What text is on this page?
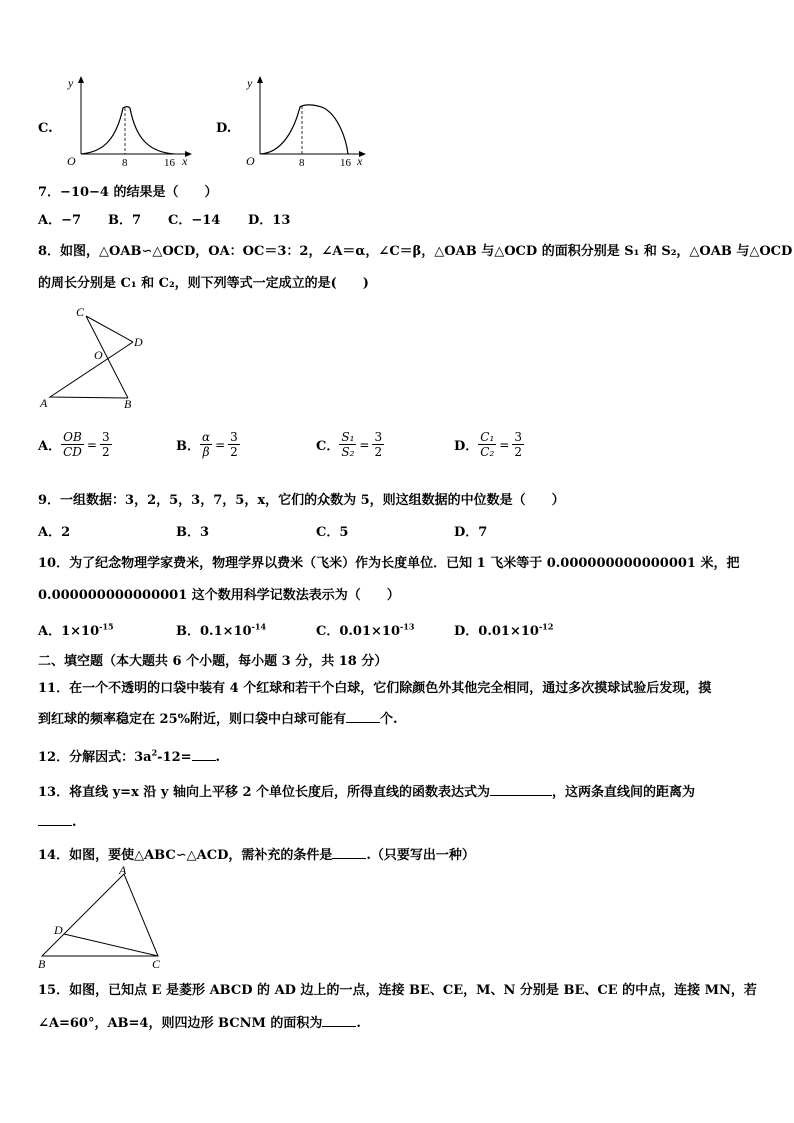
C.
y
x
O	8	16
D.
y
x
O	8	16
7．−10−4 的结果是（　　）
A．−7 B．7 C．−14 D．13
8．如图，△OAB∽△OCD，OA：OC＝3：2，∠A＝α，∠C＝β，△OAB 与△OCD 的面积分别是 S₁ 和 S₂，△OAB 与△OCD
的周长分别是 C₁ 和 C₂，则下列等式一定成立的是(　　)
C
D
O
A	B
A． $\frac{OB}{CD} = \frac{3}{2}$	B． $\frac{\alpha}{\beta} = \frac{3}{2}$	C． $\frac{\text{S₁}}{\text{S₂}} = \frac{3}{2}$	D． $\frac{\text{C₁}}{\text{C₂}} = \frac{3}{2}$
9．一组数据：3，2，5，3，7，5，x，它们的众数为 5，则这组数据的中位数是（　　）
A．2	B．3	C．5	D．7
10．为了纪念物理学家费米，物理学界以费米（飞米）作为长度单位．已知 1 飞米等于 0.000000000000001 米，把
0.000000000000001 这个数用科学记数法表示为（　　）
A．$1\times 10^{-15}$	B．$0.1\times 10^{-14}$	C．$0.01\times 10^{-13}$	D．$0.01\times 10^{-12}$
二、填空题（本大题共 6 个小题，每小题 3 分，共 18 分）
11．在一个不透明的口袋中装有 4 个红球和若干个白球，它们除颜色外其他完全相同，通过多次摸球试验后发现，摸
到红球的频率稳定在 25%附近，则口袋中白球可能有	个.
12．分解因式：$3a^2-12=$ .
13．将直线 y=x 沿 y 轴向上平移 2 个单位长度后，所得直线的函数表达式为	，这两条直线间的距离为
.
14．如图，要使△ABC∽△ACD，需补充的条件是	.（只要写出一种）
A
D
B	C
15．如图，已知点 E 是菱形 ABCD 的 AD 边上的一点，连接 BE、CE，M、N 分别是 BE、CE 的中点，连接 MN，若
∠A=60°，AB=4，则四边形 BCNM 的面积为	.
